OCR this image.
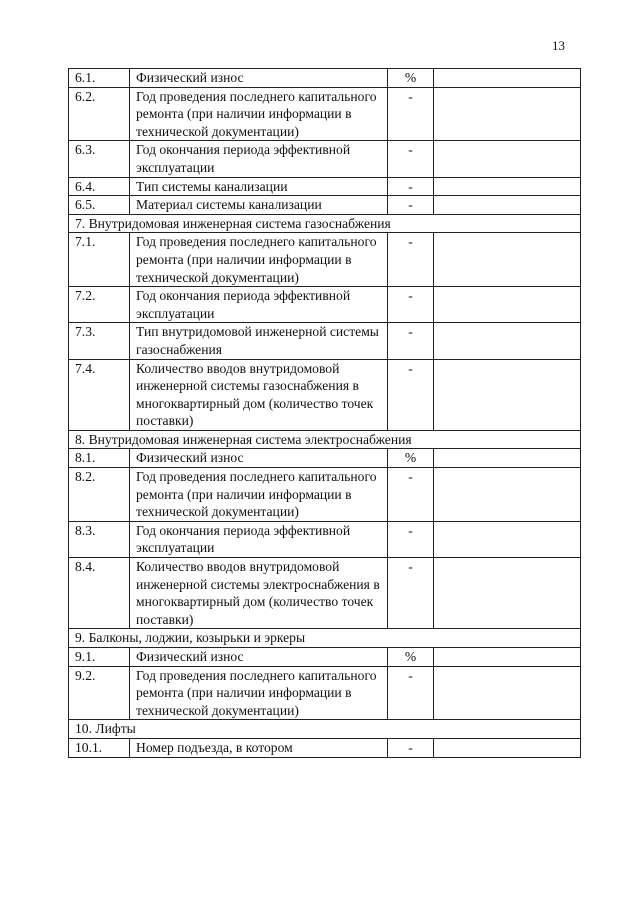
13
6.1.	Физический износ	%	
6.2.	Год проведения последнего капитального ремонта (при наличии информации в технической документации)	-	
6.3.	Год окончания периода эффективной эксплуатации	-	
6.4.	Тип системы канализации	-	
6.5.	Материал системы канализации	-	
7. Внутридомовая инженерная система газоснабжения			
7.1.	Год проведения последнего капитального ремонта (при наличии информации в технической документации)	-	
7.2.	Год окончания периода эффективной эксплуатации	-	
7.3.	Тип внутридомовой инженерной системы газоснабжения	-	
7.4.	Количество вводов внутридомовой инженерной системы газоснабжения в многоквартирный дом (количество точек поставки)	-	
8. Внутридомовая инженерная система электроснабжения			
8.1.	Физический износ	%	
8.2.	Год проведения последнего капитального ремонта (при наличии информации в технической документации)	-	
8.3.	Год окончания периода эффективной эксплуатации	-	
8.4.	Количество вводов внутридомовой инженерной системы электроснабжения в многоквартирный дом (количество точек поставки)	-	
9. Балконы, лоджии, козырьки и эркеры			
9.1.	Физический износ	%	
9.2.	Год проведения последнего капитального ремонта (при наличии информации в технической документации)	-	
10. Лифты			
10.1.	Номер подъезда, в котором	-	
